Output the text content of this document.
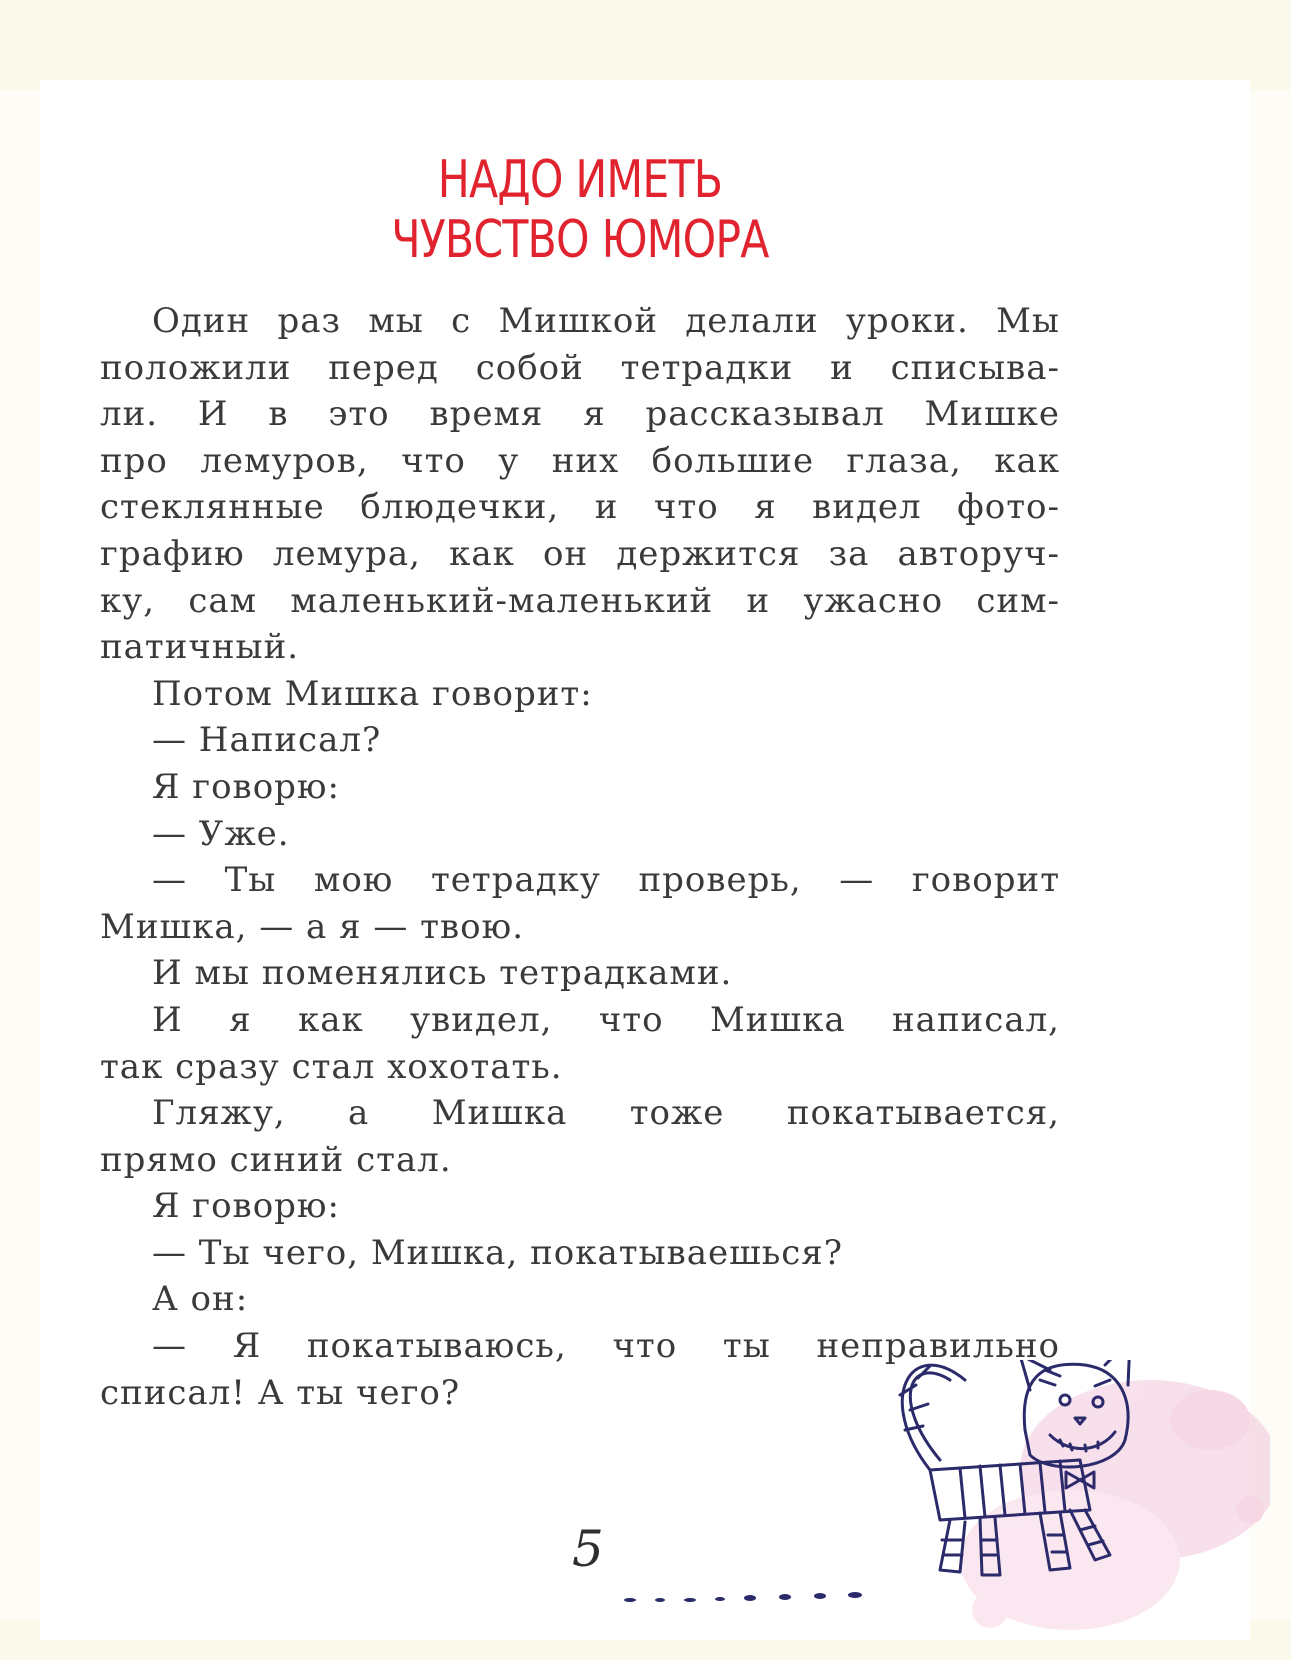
НАДО ИМЕТЬ
ЧУВСТВО ЮМОРА
Один раз мы с Мишкой делали уроки. Мы
положили перед собой тетрадки и списыва-
ли. И в это время я рассказывал Мишке
про лемуров, что у них большие глаза, как
стеклянные блюдечки, и что я видел фото-
графию лемура, как он держится за авторуч-
ку, сам маленький-маленький и ужасно сим-
патичный.
Потом Мишка говорит:
— Написал?
Я говорю:
— Уже.
— Ты мою тетрадку проверь, — говорит
Мишка, — а я — твою.
И мы поменялись тетрадками.
И я как увидел, что Мишка написал,
так сразу стал хохотать.
Гляжу, а Мишка тоже покатывается,
прямо синий стал.
Я говорю:
— Ты чего, Мишка, покатываешься?
А он:
— Я покатываюсь, что ты неправильно
списал! А ты чего?
5
